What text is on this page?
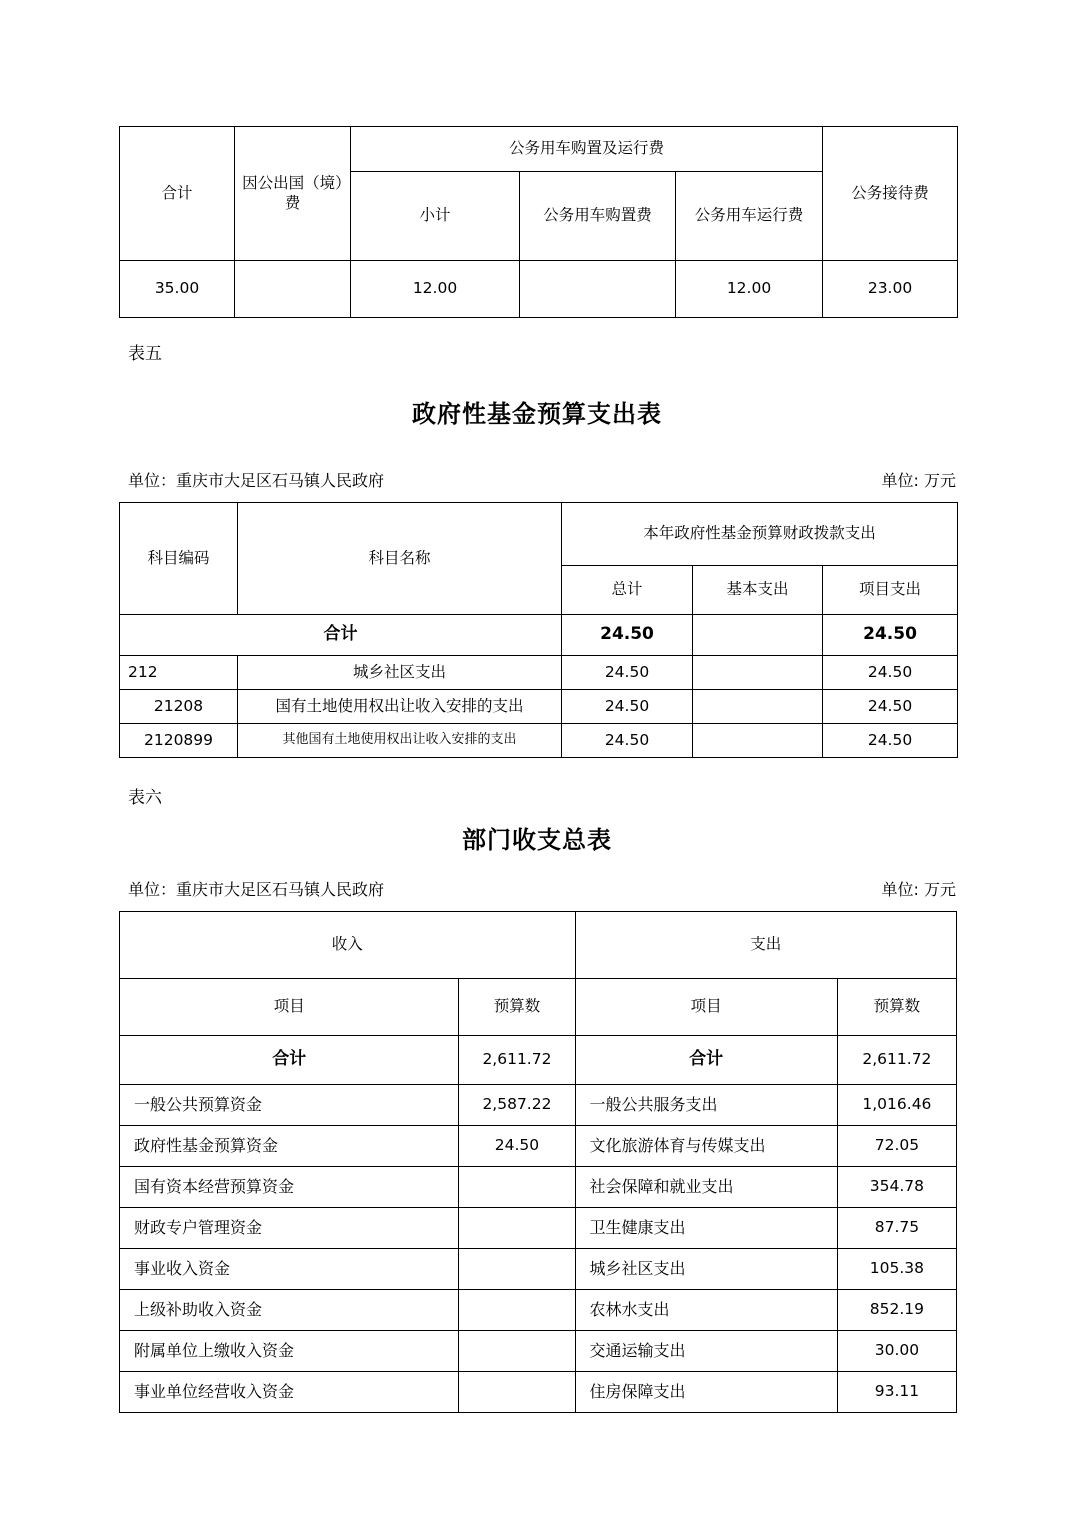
合计	因公出国（境）费	公务用车购置及运行费			公务接待费
		小计	公务用车购置费	公务用车运行费	
35.00		12.00		12.00	23.00
表五
政府性基金预算支出表
单位：重庆市大足区石马镇人民政府	单位: 万元
科目编码	科目名称	本年政府性基金预算财政拨款支出		
		总计	基本支出	项目支出
合计		24.50		24.50
212	城乡社区支出	24.50		24.50
21208	国有土地使用权出让收入安排的支出	24.50		24.50
2120899	其他国有土地使用权出让收入安排的支出	24.50		24.50
表六
部门收支总表
单位：重庆市大足区石马镇人民政府	单位: 万元
收入		支出	
项目	预算数	项目	预算数
合计	2,611.72	合计	2,611.72
一般公共预算资金	2,587.22	一般公共服务支出	1,016.46
政府性基金预算资金	24.50	文化旅游体育与传媒支出	72.05
国有资本经营预算资金		社会保障和就业支出	354.78
财政专户管理资金		卫生健康支出	87.75
事业收入资金		城乡社区支出	105.38
上级补助收入资金		农林水支出	852.19
附属单位上缴收入资金		交通运输支出	30.00
事业单位经营收入资金		住房保障支出	93.11
